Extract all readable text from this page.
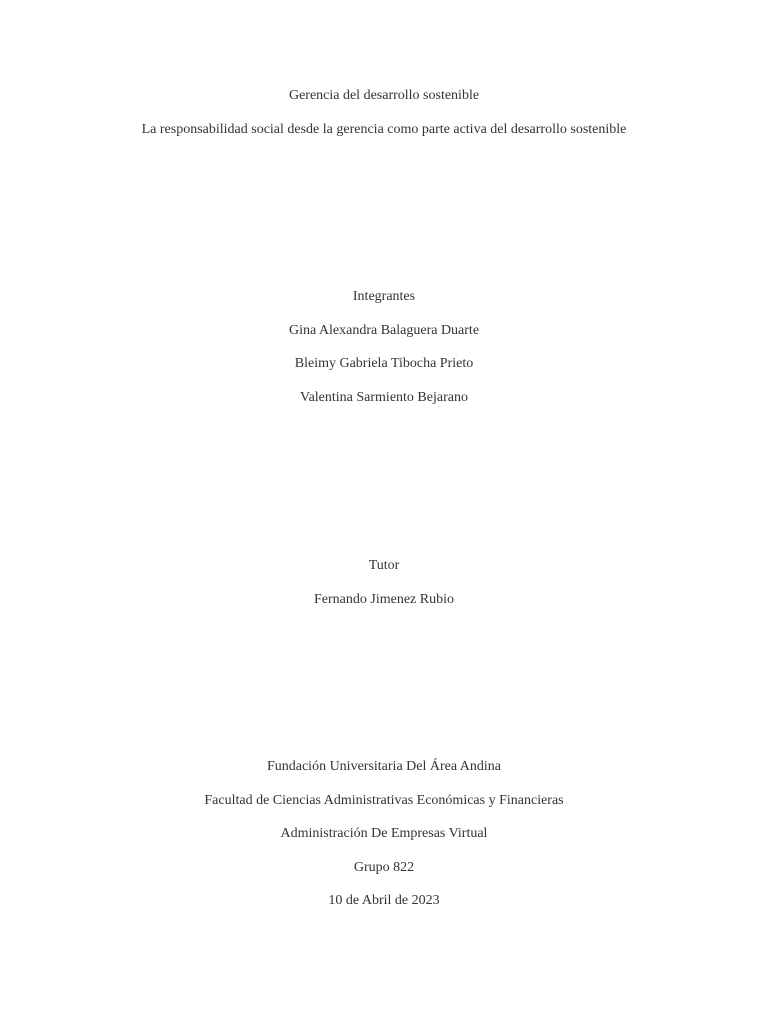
Gerencia del desarrollo sostenible
La responsabilidad social desde la gerencia como parte activa del desarrollo sostenible
Integrantes
Gina Alexandra Balaguera Duarte
Bleimy Gabriela Tibocha Prieto
Valentina Sarmiento Bejarano
Tutor
Fernando Jimenez Rubio
Fundación Universitaria Del Área Andina
Facultad de Ciencias Administrativas Económicas y Financieras
Administración De Empresas Virtual
Grupo 822
10 de Abril de 2023
